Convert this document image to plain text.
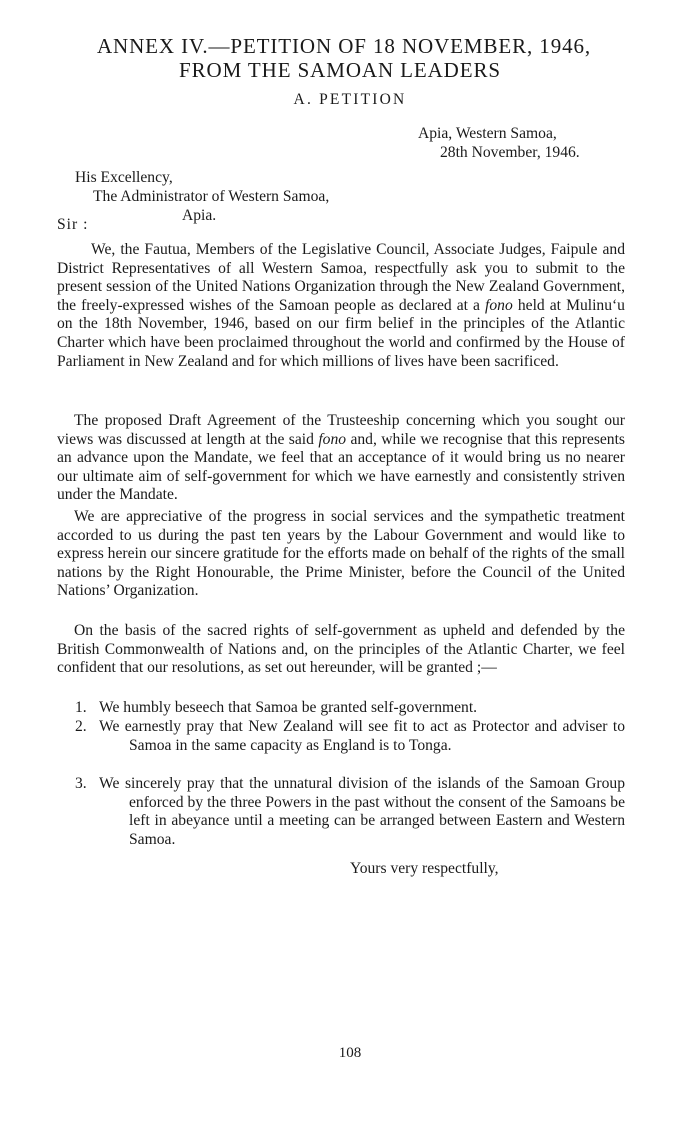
ANNEX IV.—PETITION OF 18 NOVEMBER, 1946,
FROM THE SAMOAN LEADERS
A. PETITION
Apia, Western Samoa,
28th November, 1946.
His Excellency,
The Administrator of Western Samoa,
Apia.
Sir :

We, the Fautua, Members of the Legislative Council, Associate Judges, Faipule and District Representatives of all Western Samoa, respectfully ask you to submit to the present session of the United Nations Organization through the New Zealand Government, the freely-expressed wishes of the Samoan people as declared at a fono held at Mulinu‘u on the 18th November, 1946, based on our firm belief in the principles of the Atlantic Charter which have been proclaimed throughout the world and confirmed by the House of Parliament in New Zealand and for which millions of lives have been sacrificed.

The proposed Draft Agreement of the Trusteeship concerning which you sought our views was discussed at length at the said fono and, while we recognise that this represents an advance upon the Mandate, we feel that an acceptance of it would bring us no nearer our ultimate aim of self-government for which we have earnestly and consistently striven under the Mandate.

We are appreciative of the progress in social services and the sympathetic treatment accorded to us during the past ten years by the Labour Government and would like to express herein our sincere gratitude for the efforts made on behalf of the rights of the small nations by the Right Honourable, the Prime Minister, before the Council of the United Nations’ Organization.

On the basis of the sacred rights of self-government as upheld and defended by the British Commonwealth of Nations and, on the principles of the Atlantic Charter, we feel confident that our resolutions, as set out hereunder, will be granted ;—

1. We humbly beseech that Samoa be granted self-government.
2. We earnestly pray that New Zealand will see fit to act as Protector and adviser to Samoa in the same capacity as England is to Tonga.
3. We sincerely pray that the unnatural division of the islands of the Samoan Group enforced by the three Powers in the past without the consent of the Samoans be left in abeyance until a meeting can be arranged between Eastern and Western Samoa.
Yours very respectfully,
108
